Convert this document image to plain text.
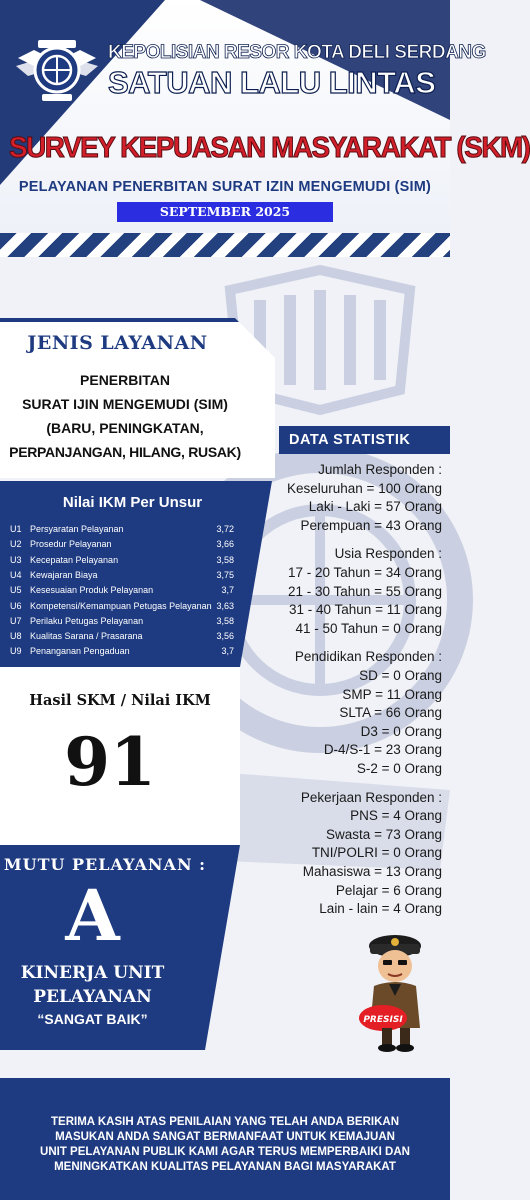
KEPOLISIAN RESOR KOTA DELI SERDANG
SATUAN LALU LINTAS
SURVEY KEPUASAN MASYARAKAT (SKM)
PELAYANAN PENERBITAN SURAT IZIN MENGEMUDI (SIM)
SEPTEMBER 2025
JENIS LAYANAN
PENERBITAN
SURAT IJIN MENGEMUDI (SIM)
(BARU, PENINGKATAN,
PERPANJANGAN, HILANG, RUSAK)
Nilai IKM Per Unsur
U1 Persyaratan Pelayanan	3,72
U2 Prosedur Pelayanan	3,66
U3 Kecepatan Pelayanan	3,58
U4 Kewajaran Biaya	3,75
U5 Kesesuaian Produk Pelayanan	3,7
U6 Kompetensi/Kemampuan Petugas Pelayanan 3,63
U7 Perilaku Petugas Pelayanan	3,58
U8 Kualitas Sarana / Prasarana	3,56
U9 Penanganan Pengaduan	3,7
Hasil SKM / Nilai IKM
91
MUTU PELAYANAN :
A
KINERJA UNIT
PELAYANAN
“SANGAT BAIK”
DATA STATISTIK
Jumlah Responden :
Keseluruhan = 100 Orang
Laki - Laki = 57 Orang
Perempuan = 43 Orang
Usia Responden :
17 - 20 Tahun = 34 Orang
21 - 30 Tahun = 55 Orang
31 - 40 Tahun = 11 Orang
41 - 50 Tahun = 0 Orang
Pendidikan Responden :
SD = 0 Orang
SMP = 11 Orang
SLTA = 66 Orang
D3 = 0 Orang
D-4/S-1 = 23 Orang
S-2 = 0 Orang
Pekerjaan Responden :
PNS = 4 Orang
Swasta = 73 Orang
TNI/POLRI = 0 Orang
Mahasiswa = 13 Orang
Pelajar = 6 Orang
Lain - lain = 4 Orang
PRESISI
TERIMA KASIH ATAS PENILAIAN YANG TELAH ANDA BERIKAN
MASUKAN ANDA SANGAT BERMANFAAT UNTUK KEMAJUAN
UNIT PELAYANAN PUBLIK KAMI AGAR TERUS MEMPERBAIKI DAN
MENINGKATKAN KUALITAS PELAYANAN BAGI MASYARAKAT
